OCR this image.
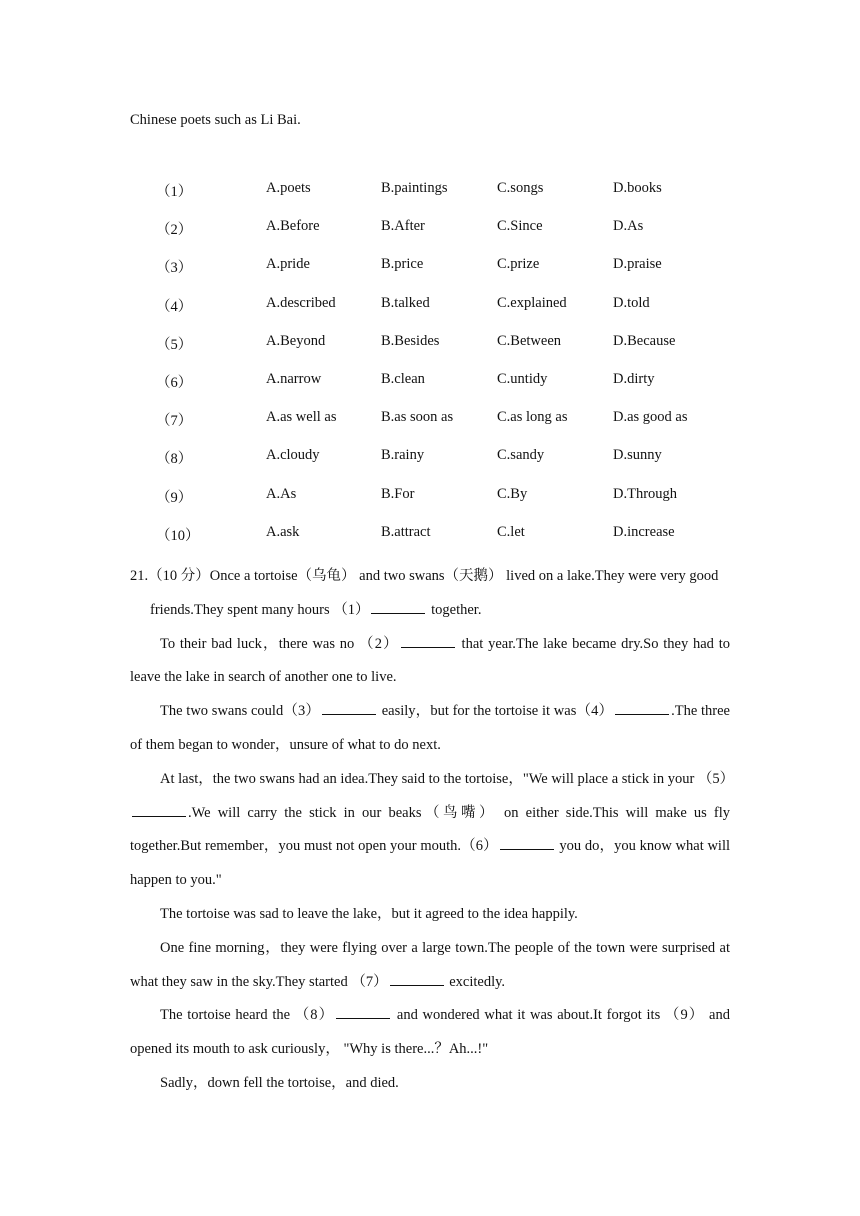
Chinese poets such as Li Bai.
（1）	A.poets	B.paintings	C.songs	D.books
（2）	A.Before	B.After	C.Since	D.As
（3）	A.pride	B.price	C.prize	D.praise
（4）	A.described	B.talked	C.explained	D.told
（5）	A.Beyond	B.Besides	C.Between	D.Because
（6）	A.narrow	B.clean	C.untidy	D.dirty
（7）	A.as well as	B.as soon as	C.as long as	D.as good as
（8）	A.cloudy	B.rainy	C.sandy	D.sunny
（9）	A.As	B.For	C.By	D.Through
（10）	A.ask	B.attract	C.let	D.increase
21.（10 分）Once a tortoise（乌龟） and two swans（天鹅） lived on a lake.They were very good
friends.They spent many hours （1）	together.
To their bad luck，there was no （2）	that year.The lake became dry.So they had to leave the lake in search of another one to live.
The two swans could（3）	easily，but for the tortoise it was（4）	.The three of them began to wonder，unsure of what to do next.
At last，the two swans had an idea.They said to the tortoise，"We will place a stick in your （5）.We will carry the stick in our beaks（鸟嘴） on either side.This will make us fly together.But remember，you must not open your mouth.（6）	you do，you know what will happen to you."
The tortoise was sad to leave the lake，but it agreed to the idea happily.
One fine morning，they were flying over a large town.The people of the town were surprised at what they saw in the sky.They started （7）	excitedly.
The tortoise heard the （8）	and wondered what it was about.It forgot its （9） and opened its mouth to ask curiously， "Why is there...？Ah...!"
Sadly，down fell the tortoise，and died.
